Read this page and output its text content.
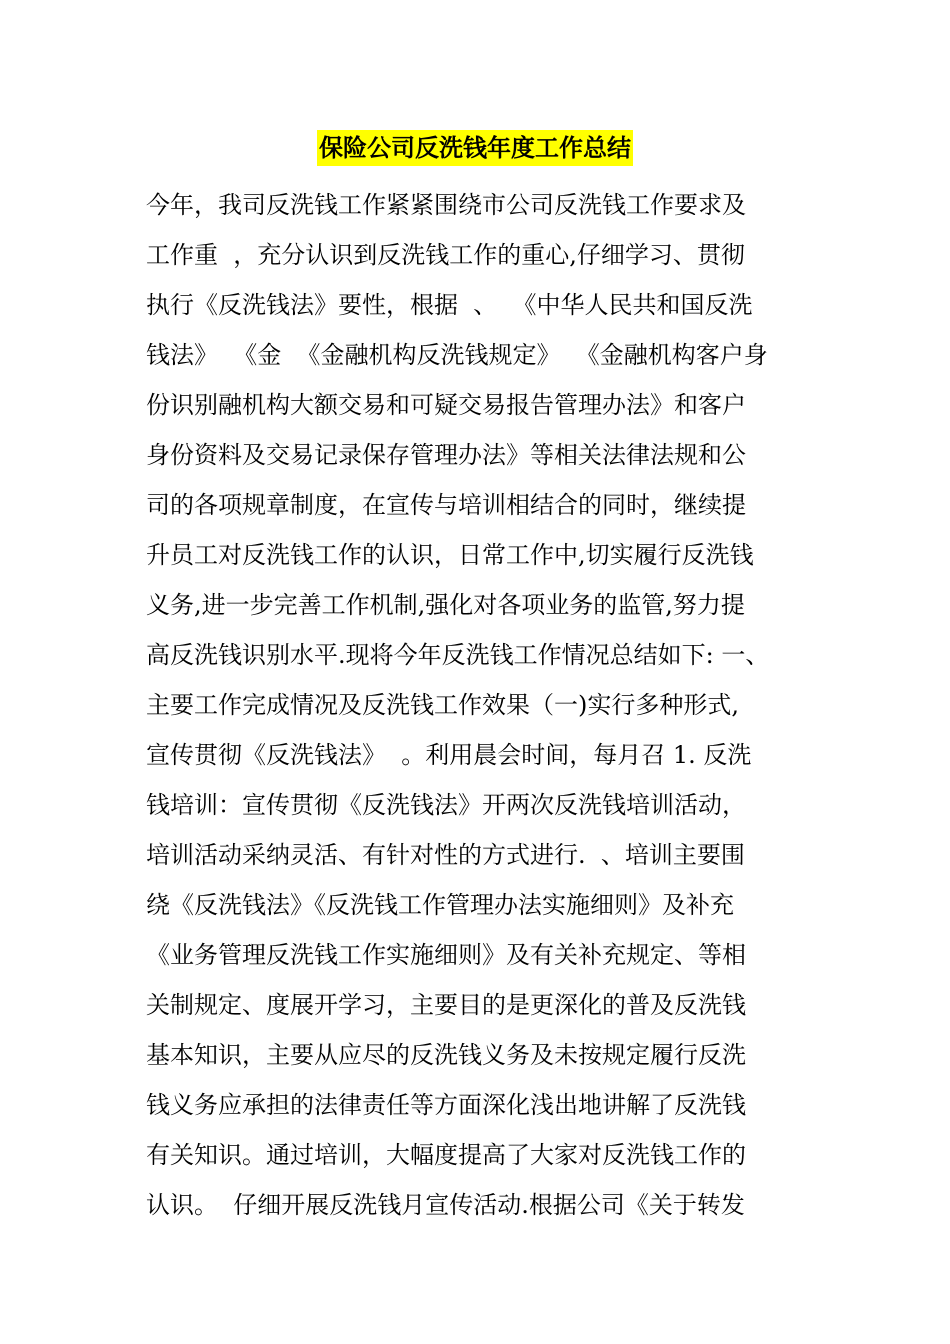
保险公司反洗钱年度工作总结
今年，我司反洗钱工作紧紧围绕市公司反洗钱工作要求及
工作重  ，充分认识到反洗钱工作的重心,仔细学习、贯彻
执行《反洗钱法》要性，根据  、  《中华人民共和国反洗
钱法》  《金  《金融机构反洗钱规定》  《金融机构客户身
份识别融机构大额交易和可疑交易报告管理办法》和客户
身份资料及交易记录保存管理办法》等相关法律法规和公
司的各项规章制度，在宣传与培训相结合的同时，继续提
升员工对反洗钱工作的认识，日常工作中,切实履行反洗钱
义务,进一步完善工作机制,强化对各项业务的监管,努力提
高反洗钱识别水平.现将今年反洗钱工作情况总结如下: 一、
主要工作完成情况及反洗钱工作效果（一)实行多种形式,
宣传贯彻《反洗钱法》  。利用晨会时间，每月召 1. 反洗
钱培训：宣传贯彻《反洗钱法》开两次反洗钱培训活动，
培训活动采纳灵活、有针对性的方式进行.  、培训主要围
绕《反洗钱法》《反洗钱工作管理办法实施细则》及补充
《业务管理反洗钱工作实施细则》及有关补充规定、等相
关制规定、度展开学习，主要目的是更深化的普及反洗钱
基本知识，主要从应尽的反洗钱义务及未按规定履行反洗
钱义务应承担的法律责任等方面深化浅出地讲解了反洗钱
有关知识。通过培训，大幅度提高了大家对反洗钱工作的
认识。  仔细开展反洗钱月宣传活动.根据公司《关于转发
